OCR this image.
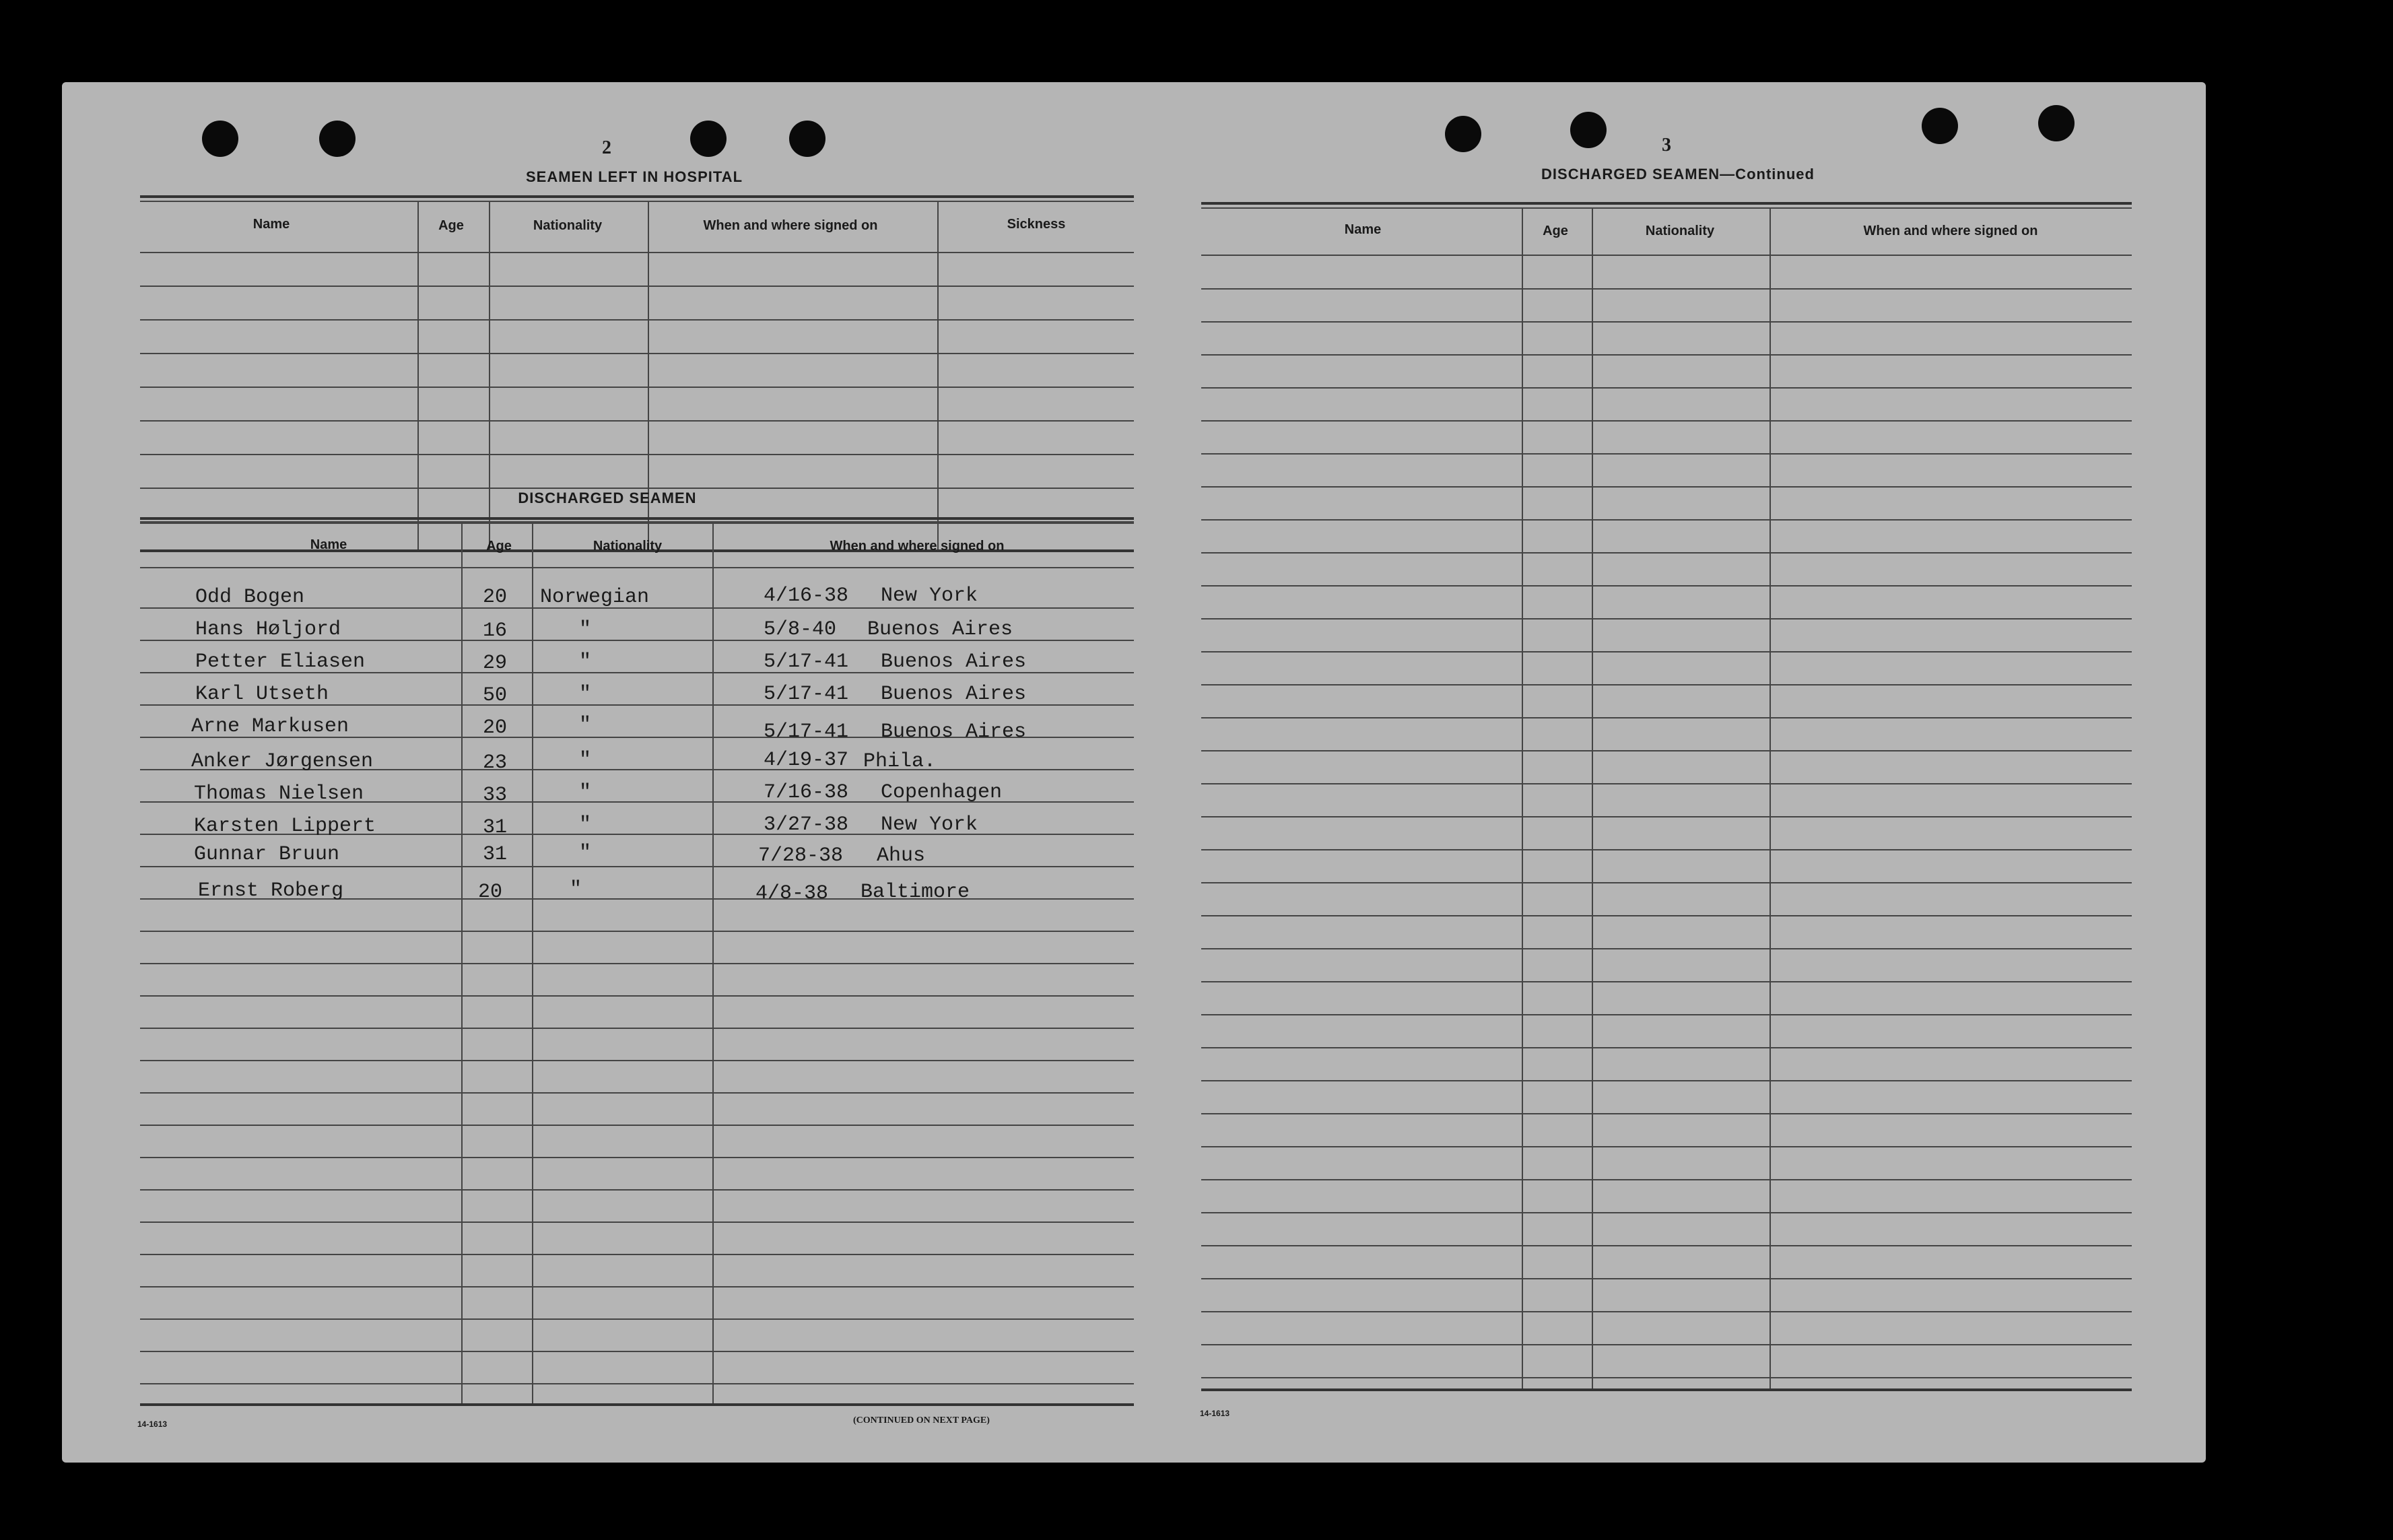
2
SEAMEN LEFT IN HOSPITAL
Name	Age	Nationality	When and where signed on	Sickness
DISCHARGED SEAMEN
Name	Age	Nationality	When and where signed on
Odd Bogen	20 Norwegian	4/16-38 New York
Hans Høljord	16	"	5/8-40 Buenos Aires
Petter Eliasen	29	"	5/17-41 Buenos Aires
Karl Utseth	50	"	5/17-41 Buenos Aires
Arne Markusen	20	"	5/17-41 Buenos Aires
Anker Jørgensen	23	"	4/19-37 Phila.
Thomas Nielsen	33	"	7/16-38 Copenhagen
Karsten Lippert	31	"	3/27-38 New York
Gunnar Bruun	31	"	7/28-38 Ahus
Ernst Roberg	20	"	4/8-38 Baltimore
14-1613	(CONTINUED ON NEXT PAGE)
3
DISCHARGED SEAMEN—Continued
Name	Age	Nationality	When and where signed on
14-1613
